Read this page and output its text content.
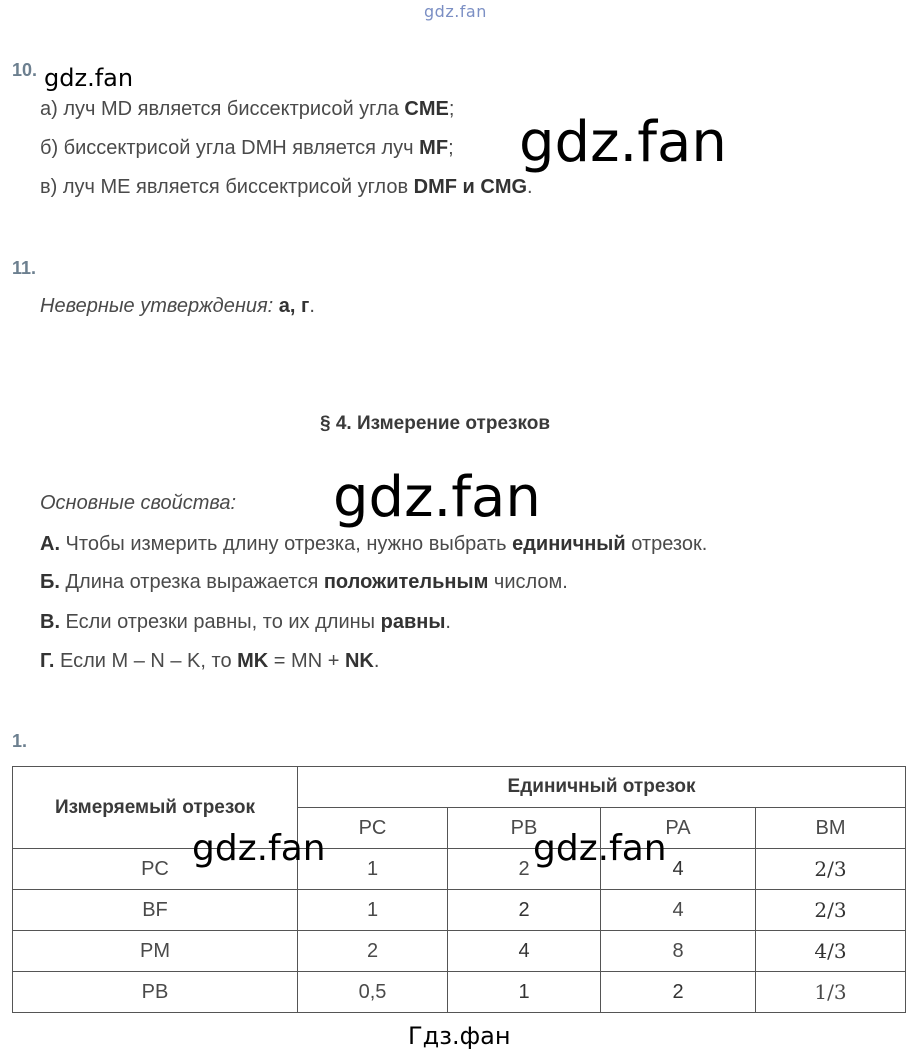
gdz.fan
10. gdz.fan
а) луч MD является биссектрисой угла CME;
б) биссектрисой угла DMH является луч MF;
в) луч ME является биссектрисой углов DMF и CMG.
gdz.fan
11.
Неверные утверждения: а, г.
§ 4. Измерение отрезков
Основные свойства: gdz.fan
А. Чтобы измерить длину отрезка, нужно выбрать единичный отрезок.
Б. Длина отрезка выражается положительным числом.
В. Если отрезки равны, то их длины равны.
Г. Если M – N – K, то MK = MN + NK.
1.
Измеряемый отрезок	Единичный отрезок			
	PC	PB	PA	BM
PC	1	2	4	2/3
BF	1	2	4	2/3
PM	2	4	8	4/3
PB	0,5	1	2	1/3
gdz.fan	gdz.fan
Гдз.фан
